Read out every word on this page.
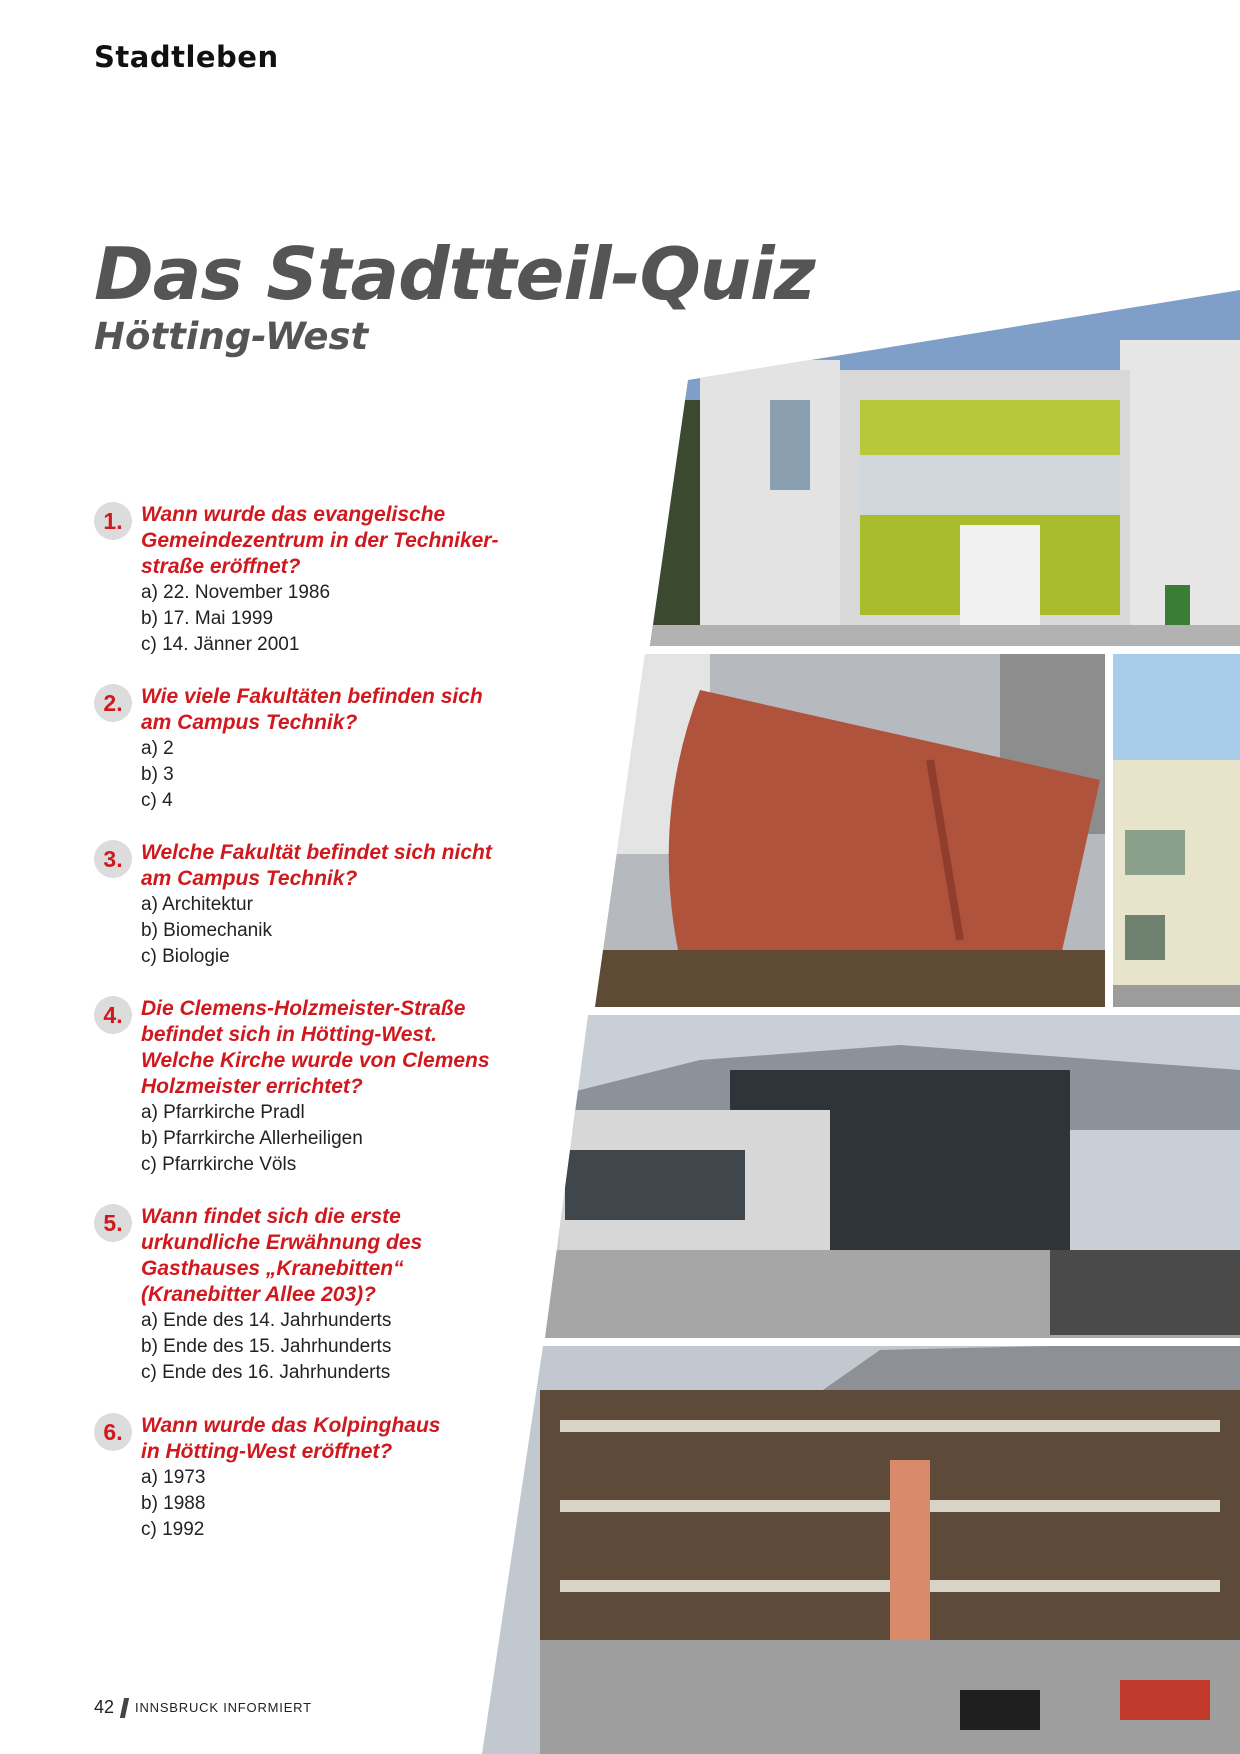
Stadtleben
Das Stadtteil-Quiz
Hötting-West
1. Wann wurde das evangelische
Gemeindezentrum in der Techniker-
straße eröffnet?
a) 22. November 1986
b) 17. Mai 1999
c) 14. Jänner 2001
2. Wie viele Fakultäten befinden sich
am Campus Technik?
a) 2
b) 3
c) 4
3. Welche Fakultät befindet sich nicht
am Campus Technik?
a) Architektur
b) Biomechanik
c) Biologie
4. Die Clemens-Holzmeister-Straße
befindet sich in Hötting-West.
Welche Kirche wurde von Clemens
Holzmeister errichtet?
a) Pfarrkirche Pradl
b) Pfarrkirche Allerheiligen
c) Pfarrkirche Völs
5. Wann findet sich die erste
urkundliche Erwähnung des
Gasthauses „Kranebitten“
(Kranebitter Allee 203)?
a) Ende des 14. Jahrhunderts
b) Ende des 15. Jahrhunderts
c) Ende des 16. Jahrhunderts
6. Wann wurde das Kolpinghaus
in Hötting-West eröffnet?
a) 1973
b) 1988
c) 1992
42 INNSBRUCK INFORMIERT
